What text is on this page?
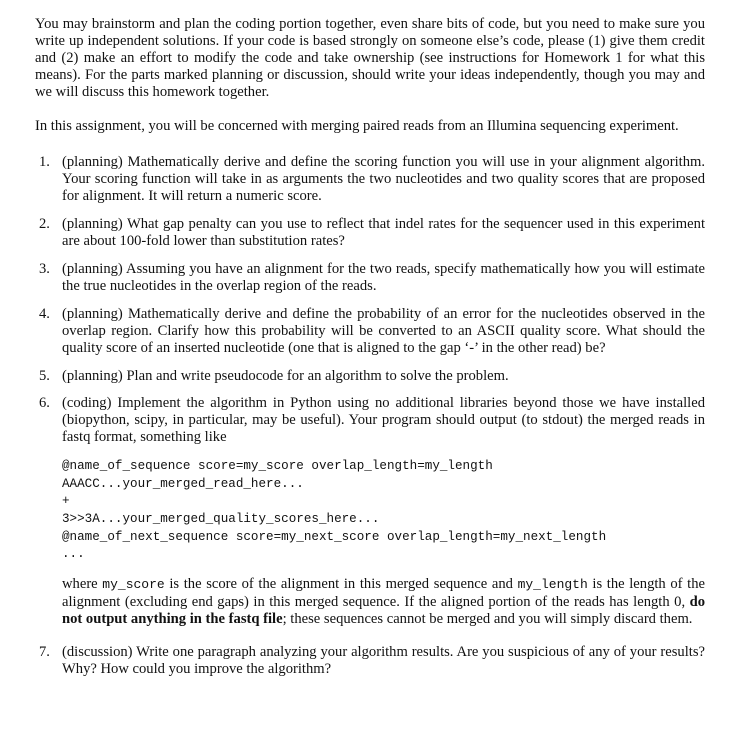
You may brainstorm and plan the coding portion together, even share bits of code, but you need to make sure you write up independent solutions. If your code is based strongly on someone else’s code, please (1) give them credit and (2) make an effort to modify the code and take ownership (see instructions for Homework 1 for what this means). For the parts marked planning or discussion, should write your ideas independently, though you may and we will discuss this homework together.

In this assignment, you will be concerned with merging paired reads from an Illumina sequencing experiment.

1. (planning) Mathematically derive and define the scoring function you will use in your alignment algorithm. Your scoring function will take in as arguments the two nucleotides and two quality scores that are proposed for alignment. It will return a numeric score.
2. (planning) What gap penalty can you use to reflect that indel rates for the sequencer used in this experiment are about 100-fold lower than substitution rates?
3. (planning) Assuming you have an alignment for the two reads, specify mathematically how you will estimate the true nucleotides in the overlap region of the reads.
4. (planning) Mathematically derive and define the probability of an error for the nucleotides observed in the overlap region. Clarify how this probability will be converted to an ASCII quality score. What should the quality score of an inserted nucleotide (one that is aligned to the gap ‘-’ in the other read) be?
5. (planning) Plan and write pseudocode for an algorithm to solve the problem.
6. (coding) Implement the algorithm in Python using no additional libraries beyond those we have installed (biopython, scipy, in particular, may be useful). Your program should output (to stdout) the merged reads in fastq format, something like
@name_of_sequence score=my_score overlap_length=my_length
AAACC...your_merged_read_here...
+
3>>3A...your_merged_quality_scores_here...
@name_of_next_sequence score=my_next_score overlap_length=my_next_length
...
where my_score is the score of the alignment in this merged sequence and my_length is the length of the alignment (excluding end gaps) in this merged sequence. If the aligned portion of the reads has length 0, do not output anything in the fastq file; these sequences cannot be merged and you will simply discard them.
7. (discussion) Write one paragraph analyzing your algorithm results. Are you suspicious of any of your results? Why? How could you improve the algorithm?
